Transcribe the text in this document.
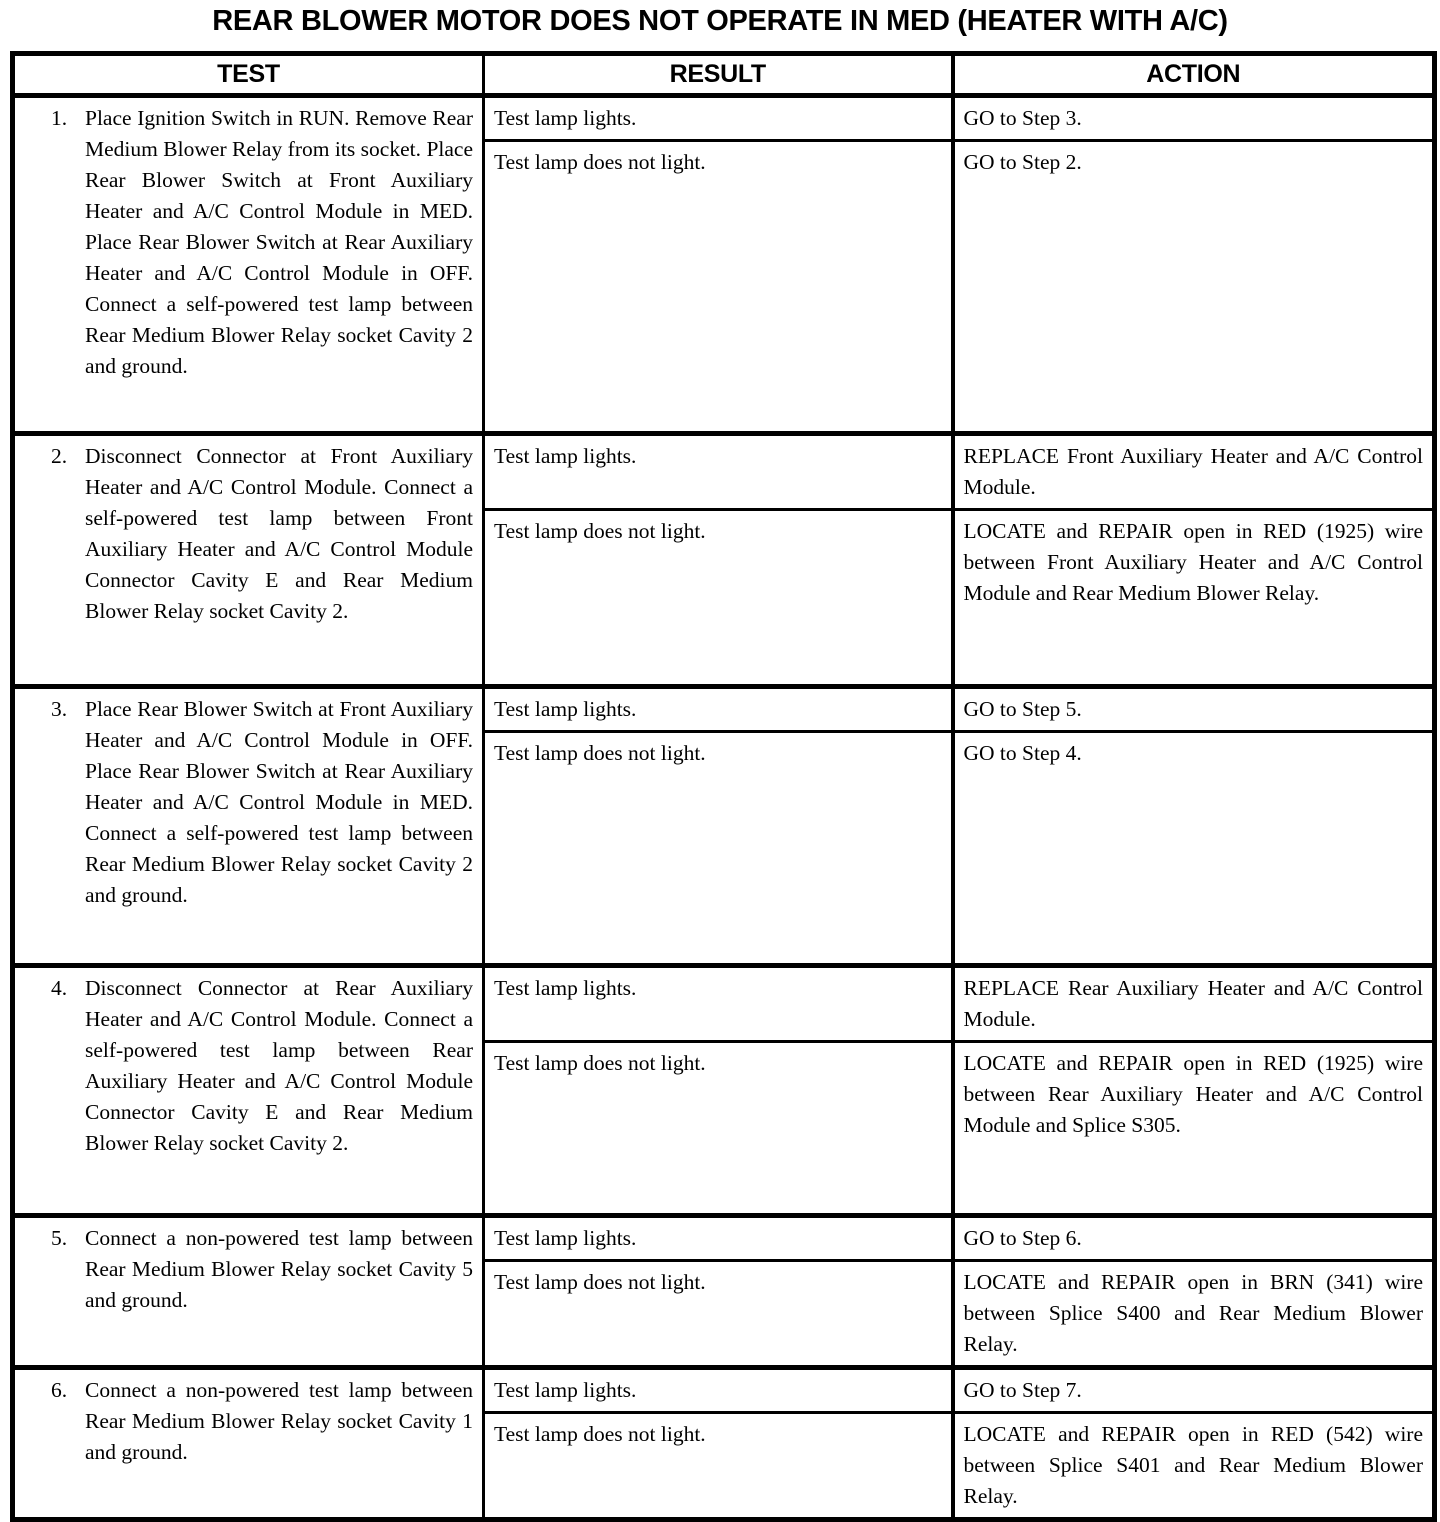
REAR BLOWER MOTOR DOES NOT OPERATE IN MED (HEATER WITH A/C)
TEST	RESULT	ACTION

1. Place Ignition Switch in RUN. Remove Rear Medium Blower Relay from its socket. Place Rear Blower Switch at Front Auxiliary Heater and A/C Control Module in MED. Place Rear Blower Switch at Rear Auxiliary Heater and A/C Control Module in OFF. Connect a self-powered test lamp between Rear Medium Blower Relay socket Cavity 2 and ground.	Test lamp lights.	GO to Step 3.
	Test lamp does not light.	GO to Step 2.

2. Disconnect Connector at Front Auxiliary Heater and A/C Control Module. Connect a self-powered test lamp between Front Auxiliary Heater and A/C Control Module Connector Cavity E and Rear Medium Blower Relay socket Cavity 2.	Test lamp lights.	REPLACE Front Auxiliary Heater and A/C Control Module.
	Test lamp does not light.	LOCATE and REPAIR open in RED (1925) wire between Front Auxiliary Heater and A/C Control Module and Rear Medium Blower Relay.

3. Place Rear Blower Switch at Front Auxiliary Heater and A/C Control Module in OFF. Place Rear Blower Switch at Rear Auxiliary Heater and A/C Control Module in MED. Connect a self-powered test lamp between Rear Medium Blower Relay socket Cavity 2 and ground.	Test lamp lights.	GO to Step 5.
	Test lamp does not light.	GO to Step 4.

4. Disconnect Connector at Rear Auxiliary Heater and A/C Control Module. Connect a self-powered test lamp between Rear Auxiliary Heater and A/C Control Module Connector Cavity E and Rear Medium Blower Relay socket Cavity 2.	Test lamp lights.	REPLACE Rear Auxiliary Heater and A/C Control Module.
	Test lamp does not light.	LOCATE and REPAIR open in RED (1925) wire between Rear Auxiliary Heater and A/C Control Module and Splice S305.

5. Connect a non-powered test lamp between Rear Medium Blower Relay socket Cavity 5 and ground.	Test lamp lights.	GO to Step 6.
	Test lamp does not light.	LOCATE and REPAIR open in BRN (341) wire between Splice S400 and Rear Medium Blower Relay.

6. Connect a non-powered test lamp between Rear Medium Blower Relay socket Cavity 1 and ground.	Test lamp lights.	GO to Step 7.
	Test lamp does not light.	LOCATE and REPAIR open in RED (542) wire between Splice S401 and Rear Medium Blower Relay.
